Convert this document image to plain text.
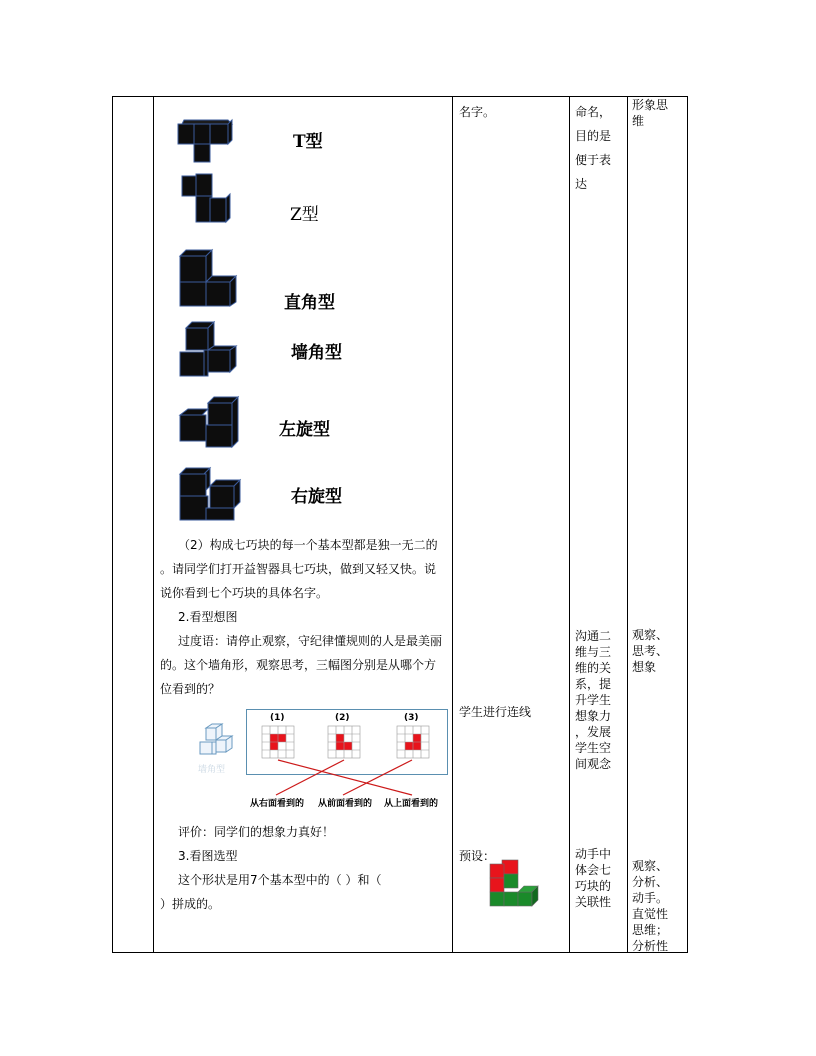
T型
Z型
直角型
墙角型
左旋型
右旋型
（2）构成七巧块的每一个基本型都是独一无二的
。请同学们打开益智器具七巧块，做到又轻又快。说
说你看到七个巧块的具体名字。
2.看型想图
过度语：请停止观察，守纪律懂规则的人是最美丽
的。这个墙角形，观察思考，三幅图分别是从哪个方
位看到的？
墙角型
(1)	(2)	(3)
从右面看到的 从前面看到的 从上面看到的
评价：同学们的想象力真好！
3.看图选型
这个形状是用7个基本型中的（ ）和（
）拼成的。
名字。
学生进行连线
预设：
命名，
目的是
便于表
达
沟通二
维与三
维的关
系，提
升学生
想象力
，发展
学生空
间观念
动手中
体会七
巧块的
关联性
形象思
维
观察、
思考、
想象
观察、
分析、
动手。
直觉性
思维；
分析性
